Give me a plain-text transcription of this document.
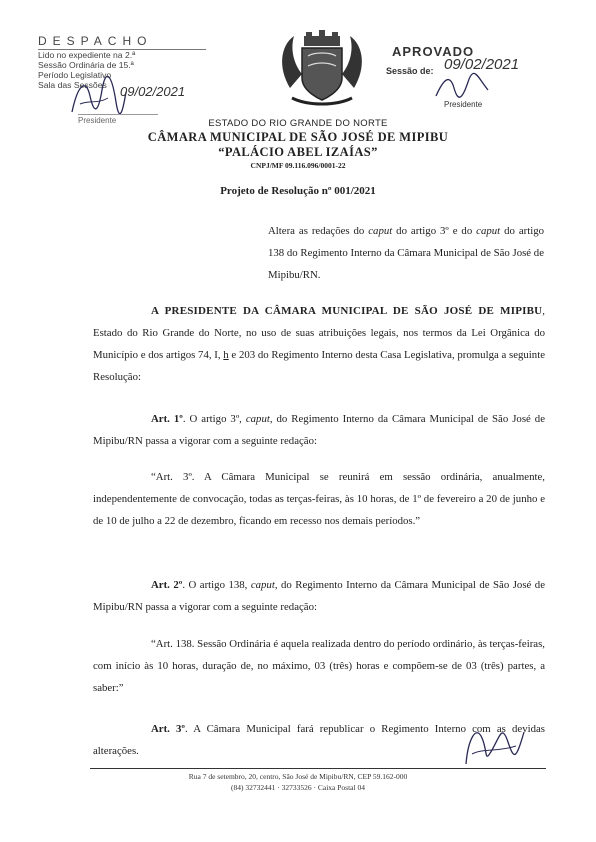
DESPACHO
Lido no expediente na 2.ª
Sessão Ordinária de 15.ª
Período Legislativo
Sala das Sessões	09/02/2021
Presidente
APROVADO
Sessão de: 09/02/2021
Presidente
ESTADO DO RIO GRANDE DO NORTE
CÂMARA MUNICIPAL DE SÃO JOSÉ DE MIPIBU
“PALÁCIO ABEL IZAÍAS”
CNPJ/MF 09.116.096/0001-22
Projeto de Resolução nº 001/2021
Altera as redações do caput do artigo 3º e do caput do artigo 138 do Regimento Interno da Câmara Municipal de São José de Mipibu/RN.
A PRESIDENTE DA CÂMARA MUNICIPAL DE SÃO JOSÉ DE MIPIBU, Estado do Rio Grande do Norte, no uso de suas atribuições legais, nos termos da Lei Orgânica do Município e dos artigos 74, I, h e 203 do Regimento Interno desta Casa Legislativa, promulga a seguinte Resolução:
Art. 1º. O artigo 3º, caput, do Regimento Interno da Câmara Municipal de São José de Mipibu/RN passa a vigorar com a seguinte redação:
“Art. 3º. A Câmara Municipal se reunirá em sessão ordinária, anualmente, independentemente de convocação, todas as terças-feiras, às 10 horas, de 1º de fevereiro a 20 de junho e de 10 de julho a 22 de dezembro, ficando em recesso nos demais períodos.”
Art. 2º. O artigo 138, caput, do Regimento Interno da Câmara Municipal de São José de Mipibu/RN passa a vigorar com a seguinte redação:
“Art. 138. Sessão Ordinária é aquela realizada dentro do período ordinário, às terças-feiras, com início às 10 horas, duração de, no máximo, 03 (três) horas e compõem-se de 03 (três) partes, a saber:”
Art. 3º. A Câmara Municipal fará republicar o Regimento Interno com as devidas alterações.
Rua 7 de setembro, 20, centro, São José de Mipibu/RN, CEP 59.162-000
(84) 32732441 · 32733526 · Caixa Postal 04
